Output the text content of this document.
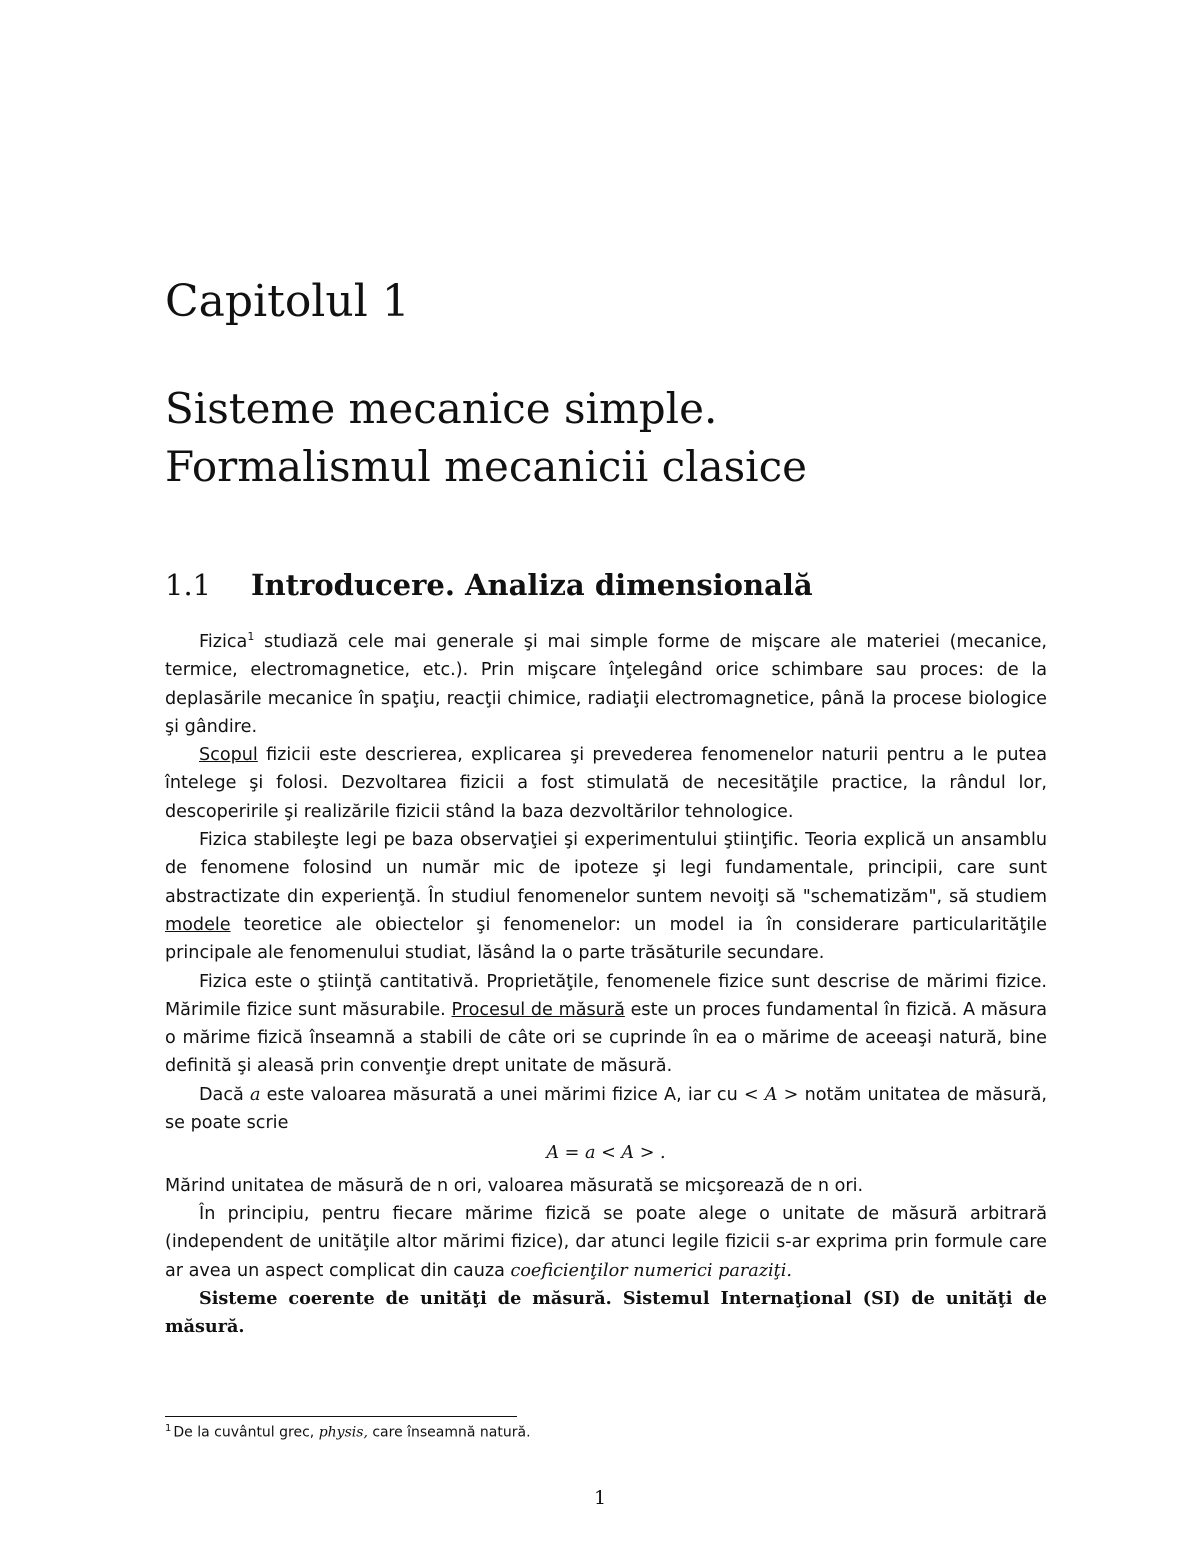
Capitolul 1
Sisteme mecanice simple.
Formalismul mecanicii clasice
1.1 Introducere. Analiza dimensională

Fizica$^1$ studiază cele mai generale şi mai simple forme de mişcare ale materiei (mecanice, termice, electromagnetice, etc.). Prin mişcare înţelegând orice schimbare sau proces: de la deplasările mecanice în spaţiu, reacţii chimice, radiaţii electromagnetice, până la procese biologice şi gândire.

Scopul fizicii este descrierea, explicarea şi prevederea fenomenelor naturii pentru a le putea întelege şi folosi. Dezvoltarea fizicii a fost stimulată de necesităţile practice, la rândul lor, descoperirile şi realizările fizicii stând la baza dezvoltărilor tehnologice.

Fizica stabileşte legi pe baza observaţiei şi experimentului ştiinţific. Teoria explică un ansamblu de fenomene folosind un număr mic de ipoteze şi legi fundamentale, principii, care sunt abstractizate din experienţă. În studiul fenomenelor suntem nevoiţi să "schematizăm", să studiem modele teoretice ale obiectelor şi fenomenelor: un model ia în considerare particularităţile principale ale fenomenului studiat, lăsând la o parte trăsăturile secundare.

Fizica este o ştiinţă cantitativă. Proprietăţile, fenomenele fizice sunt descrise de mărimi fizice. Mărimile fizice sunt măsurabile. Procesul de măsură este un proces fundamental în fizică. A măsura o mărime fizică înseamnă a stabili de câte ori se cuprinde în ea o mărime de aceeaşi natură, bine definită şi aleasă prin convenţie drept unitate de măsură.

Dacă a este valoarea măsurată a unei mărimi fizice A, iar cu < A > notăm unitatea de măsură, se poate scrie

A = a < A > .

Mărind unitatea de măsură de n ori, valoarea măsurată se micşorează de n ori.

În principiu, pentru fiecare mărime fizică se poate alege o unitate de măsură arbitrară (independent de unităţile altor mărimi fizice), dar atunci legile fizicii s-ar exprima prin formule care ar avea un aspect complicat din cauza coeficienţilor numerici paraziţi.

Sisteme coerente de unităţi de măsură. Sistemul Internaţional (SI) de unităţi de măsură.

$^1$ De la cuvântul grec, physis, care înseamnă natură.

1
